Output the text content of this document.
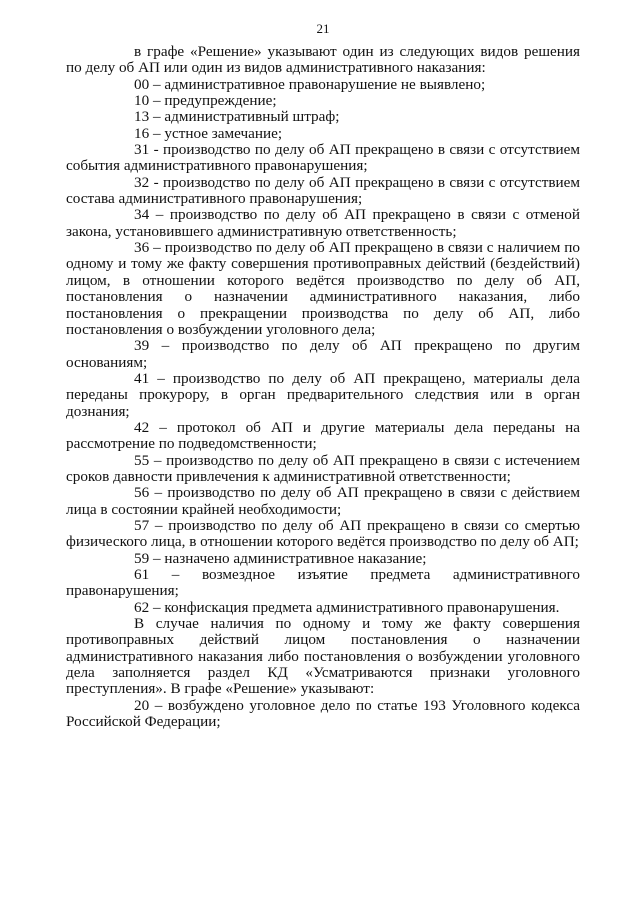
21

в графе «Решение» указывают один из следующих видов решения по делу об АП или один из видов административного наказания:

00 – административное правонарушение не выявлено;

10 – предупреждение;

13 – административный штраф;

16 – устное замечание;

31 - производство по делу об АП прекращено в связи с отсутствием события административного правонарушения;

32 - производство по делу об АП прекращено в связи с отсутствием состава административного правонарушения;

34 – производство по делу об АП прекращено в связи с отменой закона, установившего административную ответственность;

36 – производство по делу об АП прекращено в связи с наличием по одному и тому же факту совершения противоправных действий (бездействий) лицом, в отношении которого ведётся производство по делу об АП, постановления о назначении административного наказания, либо постановления о прекращении производства по делу об АП, либо постановления о возбуждении уголовного дела;

39 – производство по делу об АП прекращено по другим основаниям;

41 – производство по делу об АП прекращено, материалы дела переданы прокурору, в орган предварительного следствия или в орган дознания;

42 – протокол об АП и другие материалы дела переданы на рассмотрение по подведомственности;

55 – производство по делу об АП прекращено в связи с истечением сроков давности привлечения к административной ответственности;

56 – производство по делу об АП прекращено в связи с действием лица в состоянии крайней необходимости;

57 – производство по делу об АП прекращено в связи со смертью физического лица, в отношении которого ведётся производство по делу об АП;

59 – назначено административное наказание;

61 – возмездное изъятие предмета административного правонарушения;

62 – конфискация предмета административного правонарушения.

В случае наличия по одному и тому же факту совершения противоправных действий лицом постановления о назначении административного наказания либо постановления о возбуждении уголовного дела заполняется раздел КД «Усматриваются признаки уголовного преступления». В графе «Решение» указывают:

20 – возбуждено уголовное дело по статье 193 Уголовного кодекса Российской Федерации;
